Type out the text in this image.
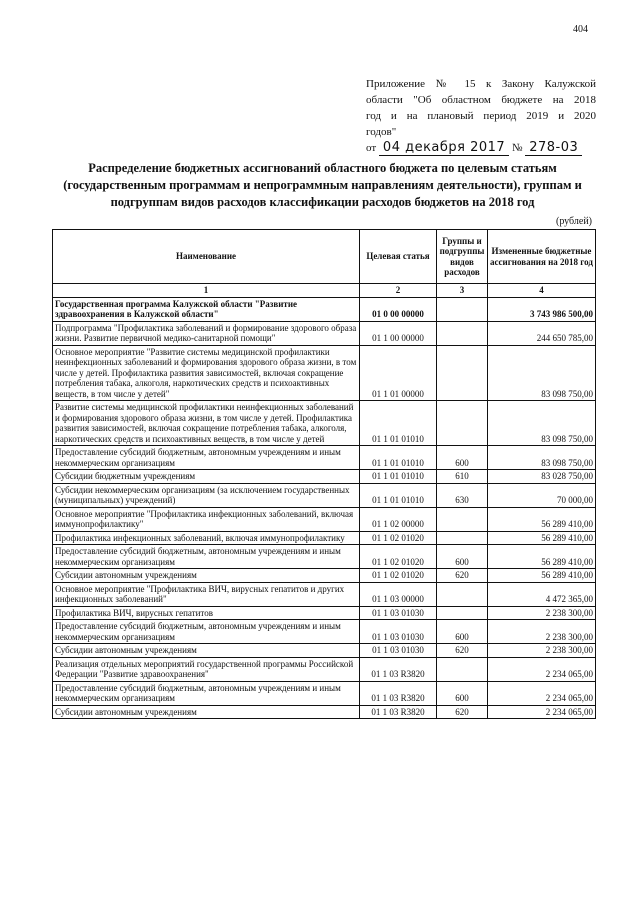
404
Приложение № 15 к Закону Калужской
области "Об областном бюджете на 2018
год и на плановый период 2019 и 2020
годов"
от 04 декабря 2017 № 278-03
Распределение бюджетных ассигнований областного бюджета по целевым статьям
(государственным программам и непрограммным направлениям деятельности), группам и
подгруппам видов расходов классификации расходов бюджетов на 2018 год
(рублей)
Наименование	Целевая статья	Группы и подгруппы видов расходов	Измененные бюджетные ассигнования на 2018 год
1	2	3	4
Государственная программа Калужской области "Развитие здравоохранения в Калужской области"	01 0 00 00000		3 743 986 500,00
Подпрограмма "Профилактика заболеваний и формирование здорового образа жизни. Развитие первичной медико-санитарной помощи"	01 1 00 00000		244 650 785,00
Основное мероприятие "Развитие системы медицинской профилактики неинфекционных заболеваний и формирования здорового образа жизни, в том числе у детей. Профилактика развития зависимостей, включая сокращение потребления табака, алкоголя, наркотических средств и психоактивных веществ, в том числе у детей"	01 1 01 00000		83 098 750,00
Развитие системы медицинской профилактики неинфекционных заболеваний и формирования здорового образа жизни, в том числе у детей. Профилактика развития зависимостей, включая сокращение потребления табака, алкоголя, наркотических средств и психоактивных веществ, в том числе у детей	01 1 01 01010		83 098 750,00
Предоставление субсидий бюджетным, автономным учреждениям и иным некоммерческим организациям	01 1 01 01010	600	83 098 750,00
Субсидии бюджетным учреждениям	01 1 01 01010	610	83 028 750,00
Субсидии некоммерческим организациям (за исключением государственных (муниципальных) учреждений)	01 1 01 01010	630	70 000,00
Основное мероприятие "Профилактика инфекционных заболеваний, включая иммунопрофилактику"	01 1 02 00000		56 289 410,00
Профилактика инфекционных заболеваний, включая иммунопрофилактику	01 1 02 01020		56 289 410,00
Предоставление субсидий бюджетным, автономным учреждениям и иным некоммерческим организациям	01 1 02 01020	600	56 289 410,00
Субсидии автономным учреждениям	01 1 02 01020	620	56 289 410,00
Основное мероприятие "Профилактика ВИЧ, вирусных гепатитов и других инфекционных заболеваний"	01 1 03 00000		4 472 365,00
Профилактика ВИЧ, вирусных гепатитов	01 1 03 01030		2 238 300,00
Предоставление субсидий бюджетным, автономным учреждениям и иным некоммерческим организациям	01 1 03 01030	600	2 238 300,00
Субсидии автономным учреждениям	01 1 03 01030	620	2 238 300,00
Реализация отдельных мероприятий государственной программы Российской Федерации "Развитие здравоохранения"	01 1 03 R3820		2 234 065,00
Предоставление субсидий бюджетным, автономным учреждениям и иным некоммерческим организациям	01 1 03 R3820	600	2 234 065,00
Субсидии автономным учреждениям	01 1 03 R3820	620	2 234 065,00
